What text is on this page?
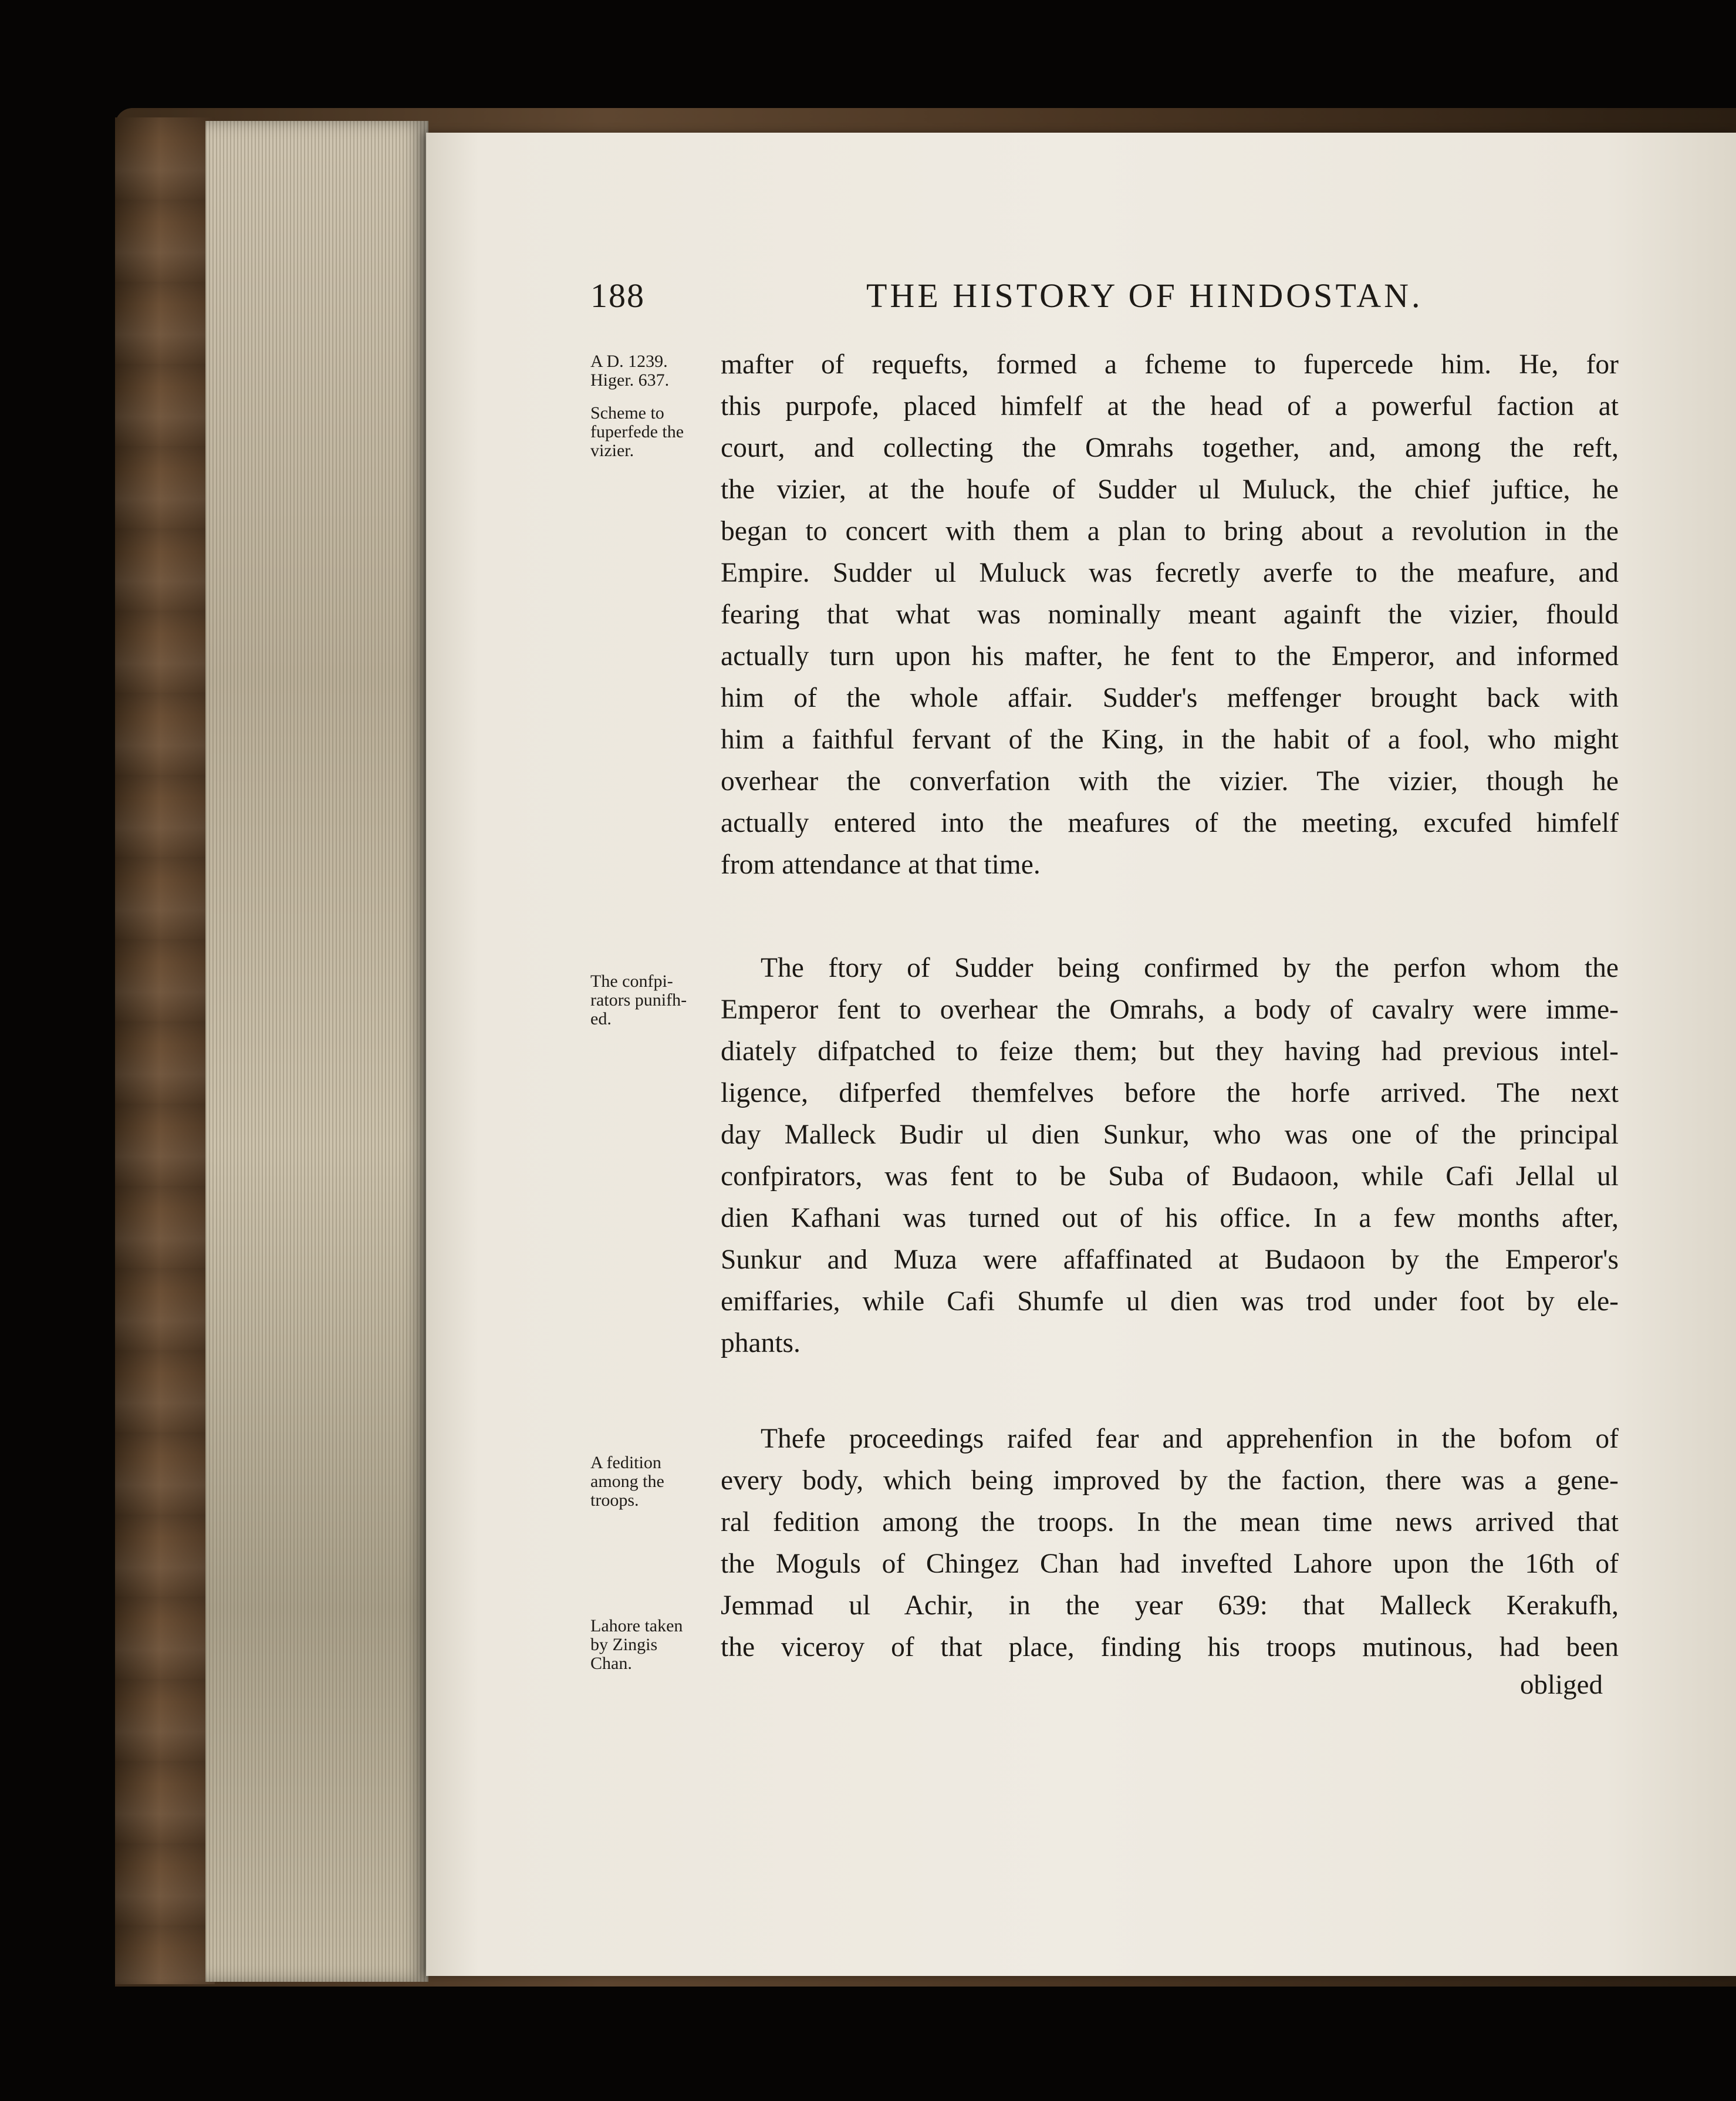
188	THE HISTORY OF HINDOSTAN.
A D. 1239.
Higer. 637.
Scheme to
fuperfede the
vizier.
The confpi-
rators punifh-
ed.
A fedition
among the
troops.
Lahore taken
by Zingis
Chan.
mafter of requefts, formed a fcheme to fupercede him. He, for
this purpofe, placed himfelf at the head of a powerful faction at
court, and collecting the Omrahs together, and, among the reft,
the vizier, at the houfe of Sudder ul Muluck, the chief juftice, he
began to concert with them a plan to bring about a revolution in the
Empire. Sudder ul Muluck was fecretly averfe to the meafure, and
fearing that what was nominally meant againft the vizier, fhould
actually turn upon his mafter, he fent to the Emperor, and informed
him of the whole affair. Sudder's meffenger brought back with
him a faithful fervant of the King, in the habit of a fool, who might
overhear the converfation with the vizier. The vizier, though he
actually entered into the meafures of the meeting, excufed himfelf
from attendance at that time.
The ftory of Sudder being confirmed by the perfon whom the
Emperor fent to overhear the Omrahs, a body of cavalry were imme-
diately difpatched to feize them; but they having had previous intel-
ligence, difperfed themfelves before the horfe arrived. The next
day Malleck Budir ul dien Sunkur, who was one of the principal
confpirators, was fent to be Suba of Budaoon, while Cafi Jellal ul
dien Kafhani was turned out of his office. In a few months after,
Sunkur and Muza were affaffinated at Budaoon by the Emperor's
emiffaries, while Cafi Shumfe ul dien was trod under foot by ele-
phants.
Thefe proceedings raifed fear and apprehenfion in the bofom of
every body, which being improved by the faction, there was a gene-
ral fedition among the troops. In the mean time news arrived that
the Moguls of Chingez Chan had invefted Lahore upon the 16th of
Jemmad ul Achir, in the year 639: that Malleck Kerakufh,
the viceroy of that place, finding his troops mutinous, had been
obliged
